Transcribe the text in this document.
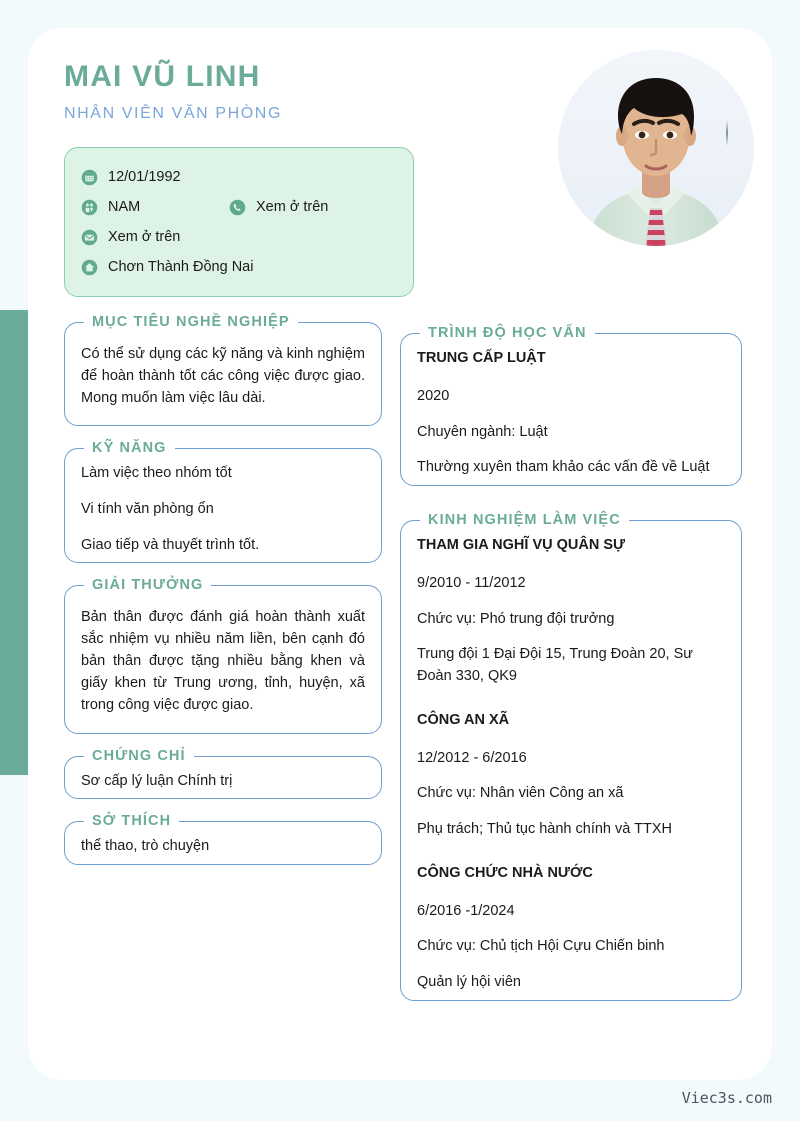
MAI VŨ LINH
NHÂN VIÊN VĂN PHÒNG
12/01/1992
NAM	Xem ở trên
Xem ở trên
Chơn Thành Đồng Nai
MỤC TIÊU NGHỀ NGHIỆP
Có thể sử dụng các kỹ năng và kinh nghiệm để hoàn thành tốt các công việc được giao. Mong muốn làm việc lâu dài.
KỸ NĂNG
Làm việc theo nhóm tốt
Vi tính văn phòng ổn
Giao tiếp và thuyết trình tốt.
GIẢI THƯỞNG
Bản thân được đánh giá hoàn thành xuất sắc nhiệm vụ nhiều năm liền, bên cạnh đó bản thân được tặng nhiều bằng khen và giấy khen từ Trung ương, tỉnh, huyện, xã trong công việc được giao.
CHỨNG CHỈ
Sơ cấp lý luận Chính trị
SỞ THÍCH
thể thao, trò chuyện
TRÌNH ĐỘ HỌC VẤN
TRUNG CẤP LUẬT
2020
Chuyên ngành: Luật
Thường xuyên tham khảo các vấn đề về Luật
KINH NGHIỆM LÀM VIỆC
THAM GIA NGHĨ VỤ QUÂN SỰ
9/2010 - 11/2012
Chức vụ: Phó trung đội trưởng
Trung đội 1 Đại Đội 15, Trung Đoàn 20, Sư Đoàn 330, QK9
CÔNG AN XÃ
12/2012 - 6/2016
Chức vụ: Nhân viên Công an xã
Phụ trách; Thủ tục hành chính và TTXH
CÔNG CHỨC NHÀ NƯỚC
6/2016 -1/2024
Chức vụ: Chủ tịch Hội Cựu Chiến binh
Quản lý hội viên
Viec3s.com
